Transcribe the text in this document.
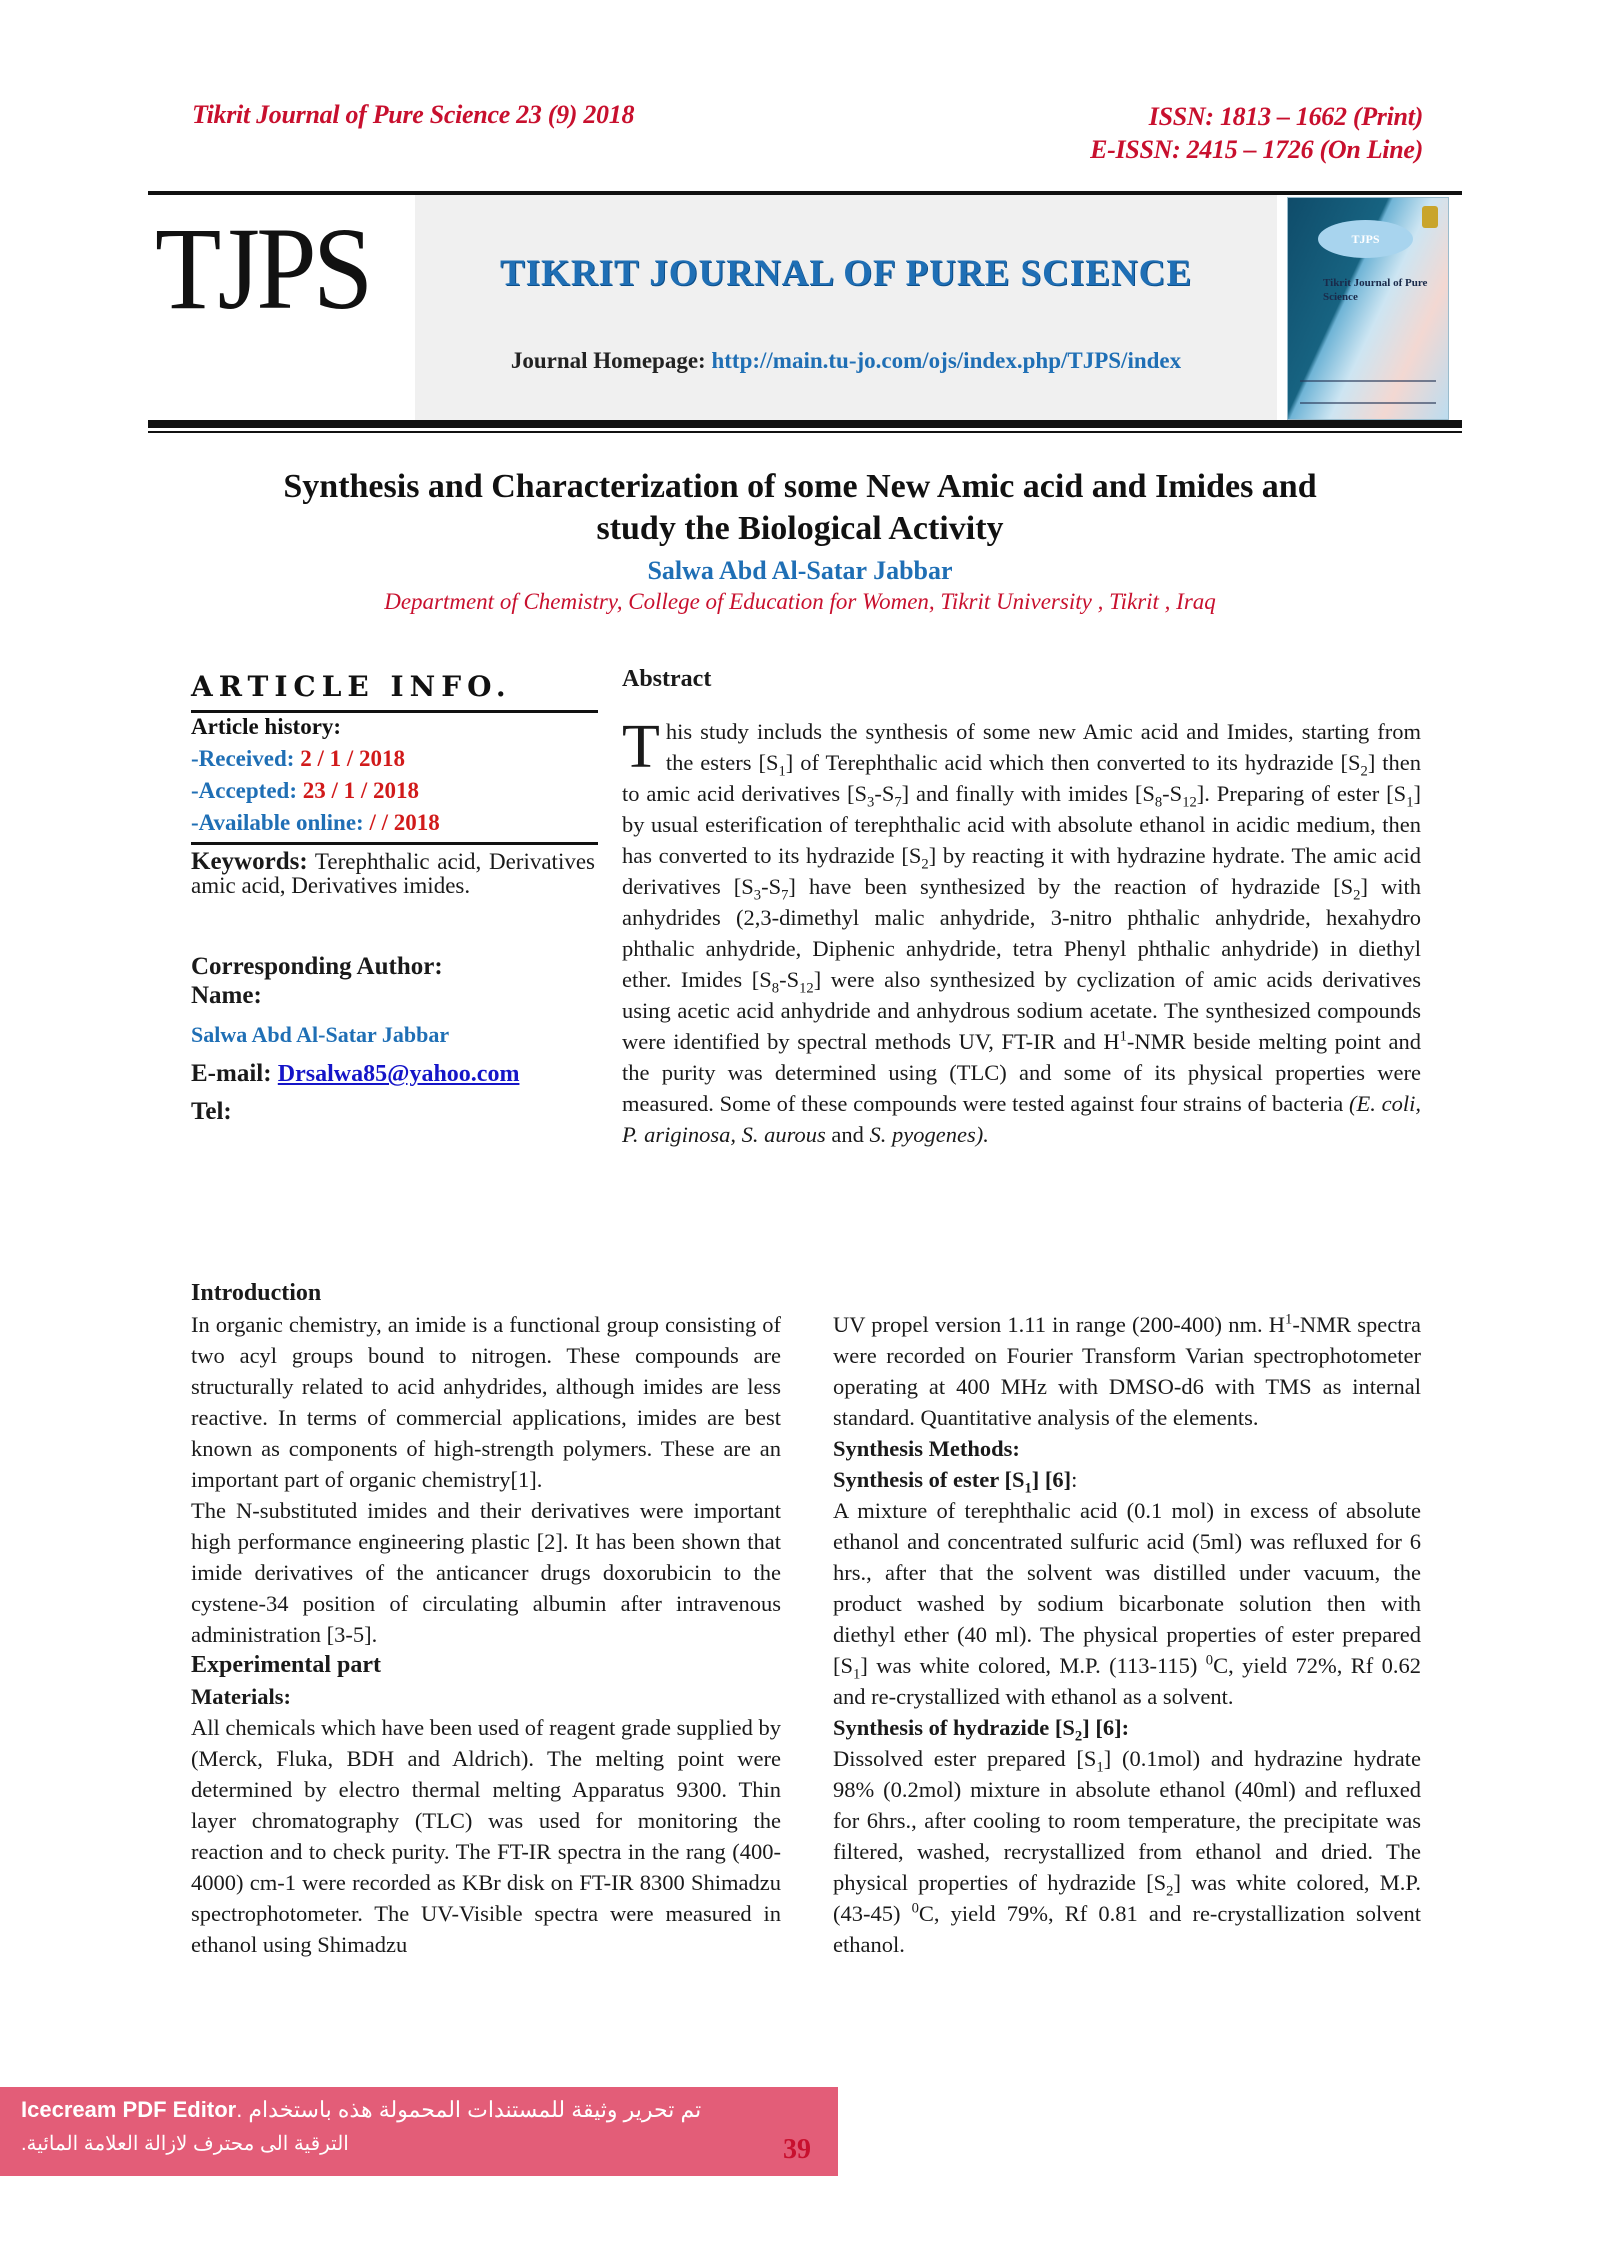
Tikrit Journal of Pure Science 23 (9) 2018	ISSN: 1813 – 1662 (Print)
E-ISSN: 2415 – 1726 (On Line)
TJPS	TIKRIT JOURNAL OF PURE SCIENCE
Journal Homepage: http://main.tu-jo.com/ojs/index.php/TJPS/index
TJPS
Tikrit Journal of Pure Science
Synthesis and Characterization of some New Amic acid and Imides and
study the Biological Activity
Salwa Abd Al-Satar Jabbar
Department of Chemistry, College of Education for Women, Tikrit University , Tikrit , Iraq
ARTICLE INFO.
Article history:
-Received: 2 / 1 / 2018
-Accepted: 23 / 1 / 2018
-Available online: / / 2018
Keywords: Terephthalic acid, Derivatives amic acid, Derivatives imides.
Corresponding Author:
Name:
Salwa Abd Al-Satar Jabbar
E-mail: Drsalwa85@yahoo.com
Tel:
Abstract
This study includs the synthesis of some new Amic acid and Imides, starting from the esters $[S_1]$ of Terephthalic acid which then converted to its hydrazide $[S_2]$ then to amic acid derivatives $[S_3-S_7]$ and finally with imides $[S_8-S_{12}]$. Preparing of ester $[S_1]$ by usual esterification of terephthalic acid with absolute ethanol in acidic medium, then has converted to its hydrazide $[S_2]$ by reacting it with hydrazine hydrate. The amic acid derivatives $[S_3-S_7]$ have been synthesized by the reaction of hydrazide $[S_2]$ with anhydrides (2,3-dimethyl malic anhydride, 3-nitro phthalic anhydride, hexahydro phthalic anhydride, Diphenic anhydride, tetra Phenyl phthalic anhydride) in diethyl ether. Imides $[S_8-S_{12}]$ were also synthesized by cyclization of amic acids derivatives using acetic acid anhydride and anhydrous sodium acetate. The synthesized compounds were identified by spectral methods UV, FT-IR and $H^1$-NMR beside melting point and the purity was determined using (TLC) and some of its physical properties were measured. Some of these compounds were tested against four strains of bacteria (E. coli, P. ariginosa, S. aurous and S. pyogenes).
Introduction
In organic chemistry, an imide is a functional group consisting of two acyl groups bound to nitrogen. These compounds are structurally related to acid anhydrides, although imides are less reactive. In terms of commercial applications, imides are best known as components of high-strength polymers. These are an important part of organic chemistry[1].
The N-substituted imides and their derivatives were important high performance engineering plastic [2]. It has been shown that imide derivatives of the anticancer drugs doxorubicin to the cystene-34 position of circulating albumin after intravenous administration [3-5].
Experimental part
Materials:
All chemicals which have been used of reagent grade supplied by (Merck, Fluka, BDH and Aldrich). The melting point were determined by electro thermal melting Apparatus 9300. Thin layer chromatography (TLC) was used for monitoring the reaction and to check purity. The FT-IR spectra in the rang (400-4000) cm-1 were recorded as KBr disk on FT-IR 8300 Shimadzu spectrophotometer. The UV-Visible spectra were measured in ethanol using Shimadzu
UV propel version 1.11 in range (200-400) nm. $H^1$-NMR spectra were recorded on Fourier Transform Varian spectrophotometer operating at 400 MHz with DMSO-d6 with TMS as internal standard. Quantitative analysis of the elements.
Synthesis Methods:
Synthesis of ester $[S_1]$ [6]:
A mixture of terephthalic acid (0.1 mol) in excess of absolute ethanol and concentrated sulfuric acid (5ml) was refluxed for 6 hrs., after that the solvent was distilled under vacuum, the product washed by sodium bicarbonate solution then with diethyl ether (40 ml). The physical properties of ester prepared $[S_1]$ was white colored, M.P. (113-115) $^0$C, yield 72%, Rf 0.62 and re-crystallized with ethanol as a solvent.
Synthesis of hydrazide $[S_2]$ [6]:
Dissolved ester prepared $[S_1]$ (0.1mol) and hydrazine hydrate 98% (0.2mol) mixture in absolute ethanol (40ml) and refluxed for 6hrs., after cooling to room temperature, the precipitate was filtered, washed, recrystallized from ethanol and dried. The physical properties of hydrazide $[S_2]$ was white colored, M.P. (43-45) $^0$C, yield 79%, Rf 0.81 and re-crystallization solvent ethanol.
Icecream PDF Editor تم تحرير وثيقة للمستندات المحمولة هذه باستخدام .
الترقية الى محترف لازالة العلامة المائية.	39
